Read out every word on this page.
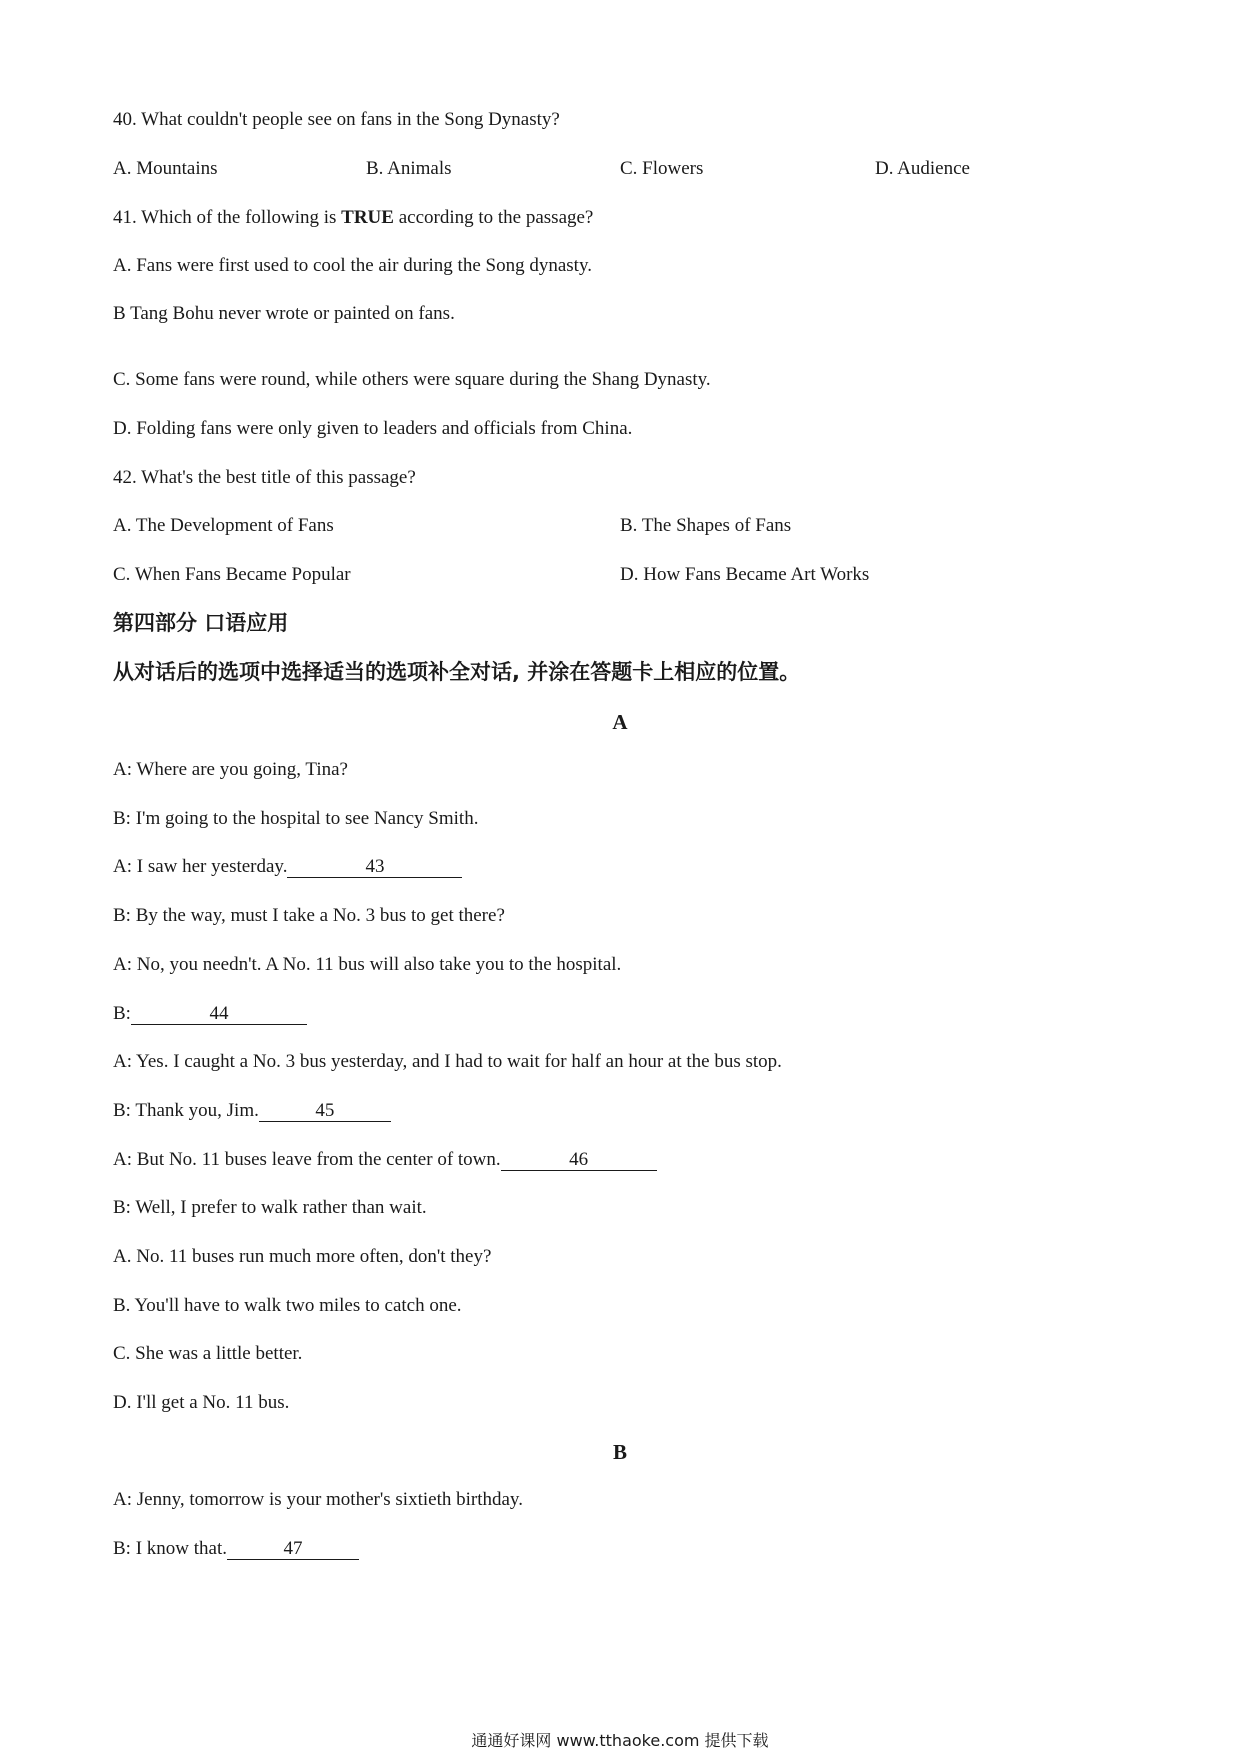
40. What couldn't people see on fans in the Song Dynasty?
A. Mountains	B. Animals	C. Flowers	D. Audience
41. Which of the following is TRUE according to the passage?
A. Fans were first used to cool the air during the Song dynasty.
B Tang Bohu never wrote or painted on fans.
C. Some fans were round, while others were square during the Shang Dynasty.
D. Folding fans were only given to leaders and officials from China.
42. What's the best title of this passage?
A. The Development of Fans	B. The Shapes of Fans
C. When Fans Became Popular	D. How Fans Became Art Works
第四部分 口语应用
从对话后的选项中选择适当的选项补全对话, 并涂在答题卡上相应的位置。
A
A: Where are you going, Tina?
B: I'm going to the hospital to see Nancy Smith.
A: I saw her yesterday.	43
B: By the way, must I take a No. 3 bus to get there?
A: No, you needn't. A No. 11 bus will also take you to the hospital.
B:	44
A: Yes. I caught a No. 3 bus yesterday, and I had to wait for half an hour at the bus stop.
B: Thank you, Jim.	45
A: But No. 11 buses leave from the center of town.	46
B: Well, I prefer to walk rather than wait.
A. No. 11 buses run much more often, don't they?
B. You'll have to walk two miles to catch one.
C. She was a little better.
D. I'll get a No. 11 bus.
B
A: Jenny, tomorrow is your mother's sixtieth birthday.
B: I know that.	47
通通好课网 www.tthaoke.com 提供下载
